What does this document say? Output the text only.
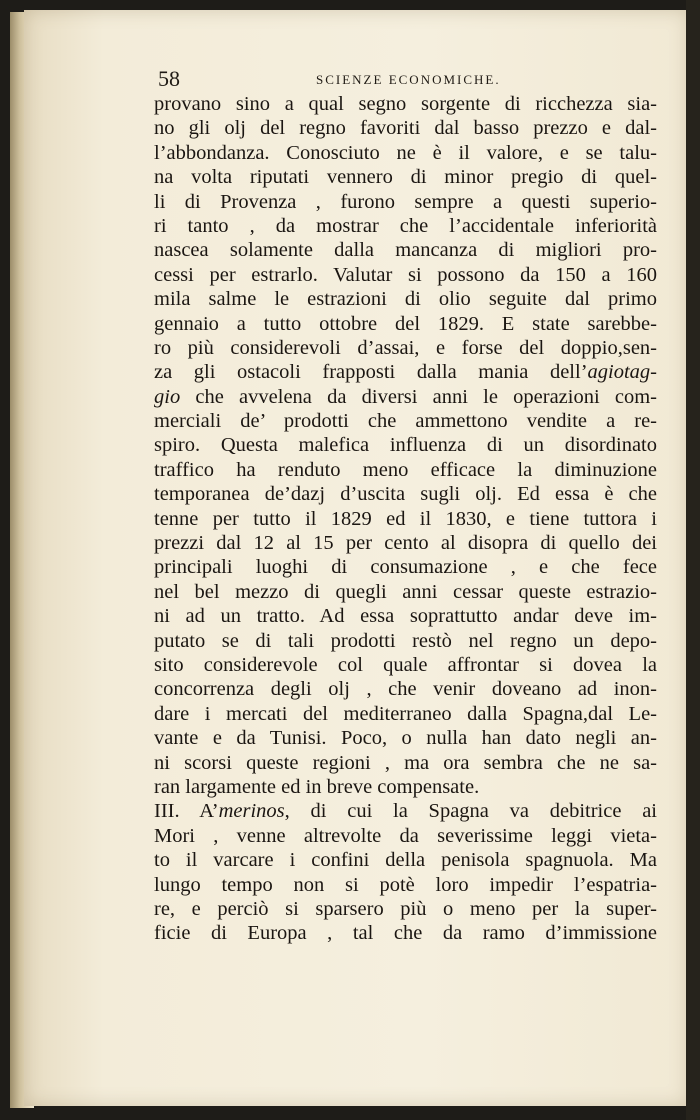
58	SCIENZE ECONOMICHE.
provano sino a qual segno sorgente di ricchezza sia-
no gli olj del regno favoriti dal basso prezzo e dal-
l’abbondanza. Conosciuto ne è il valore, e se talu-
na volta riputati vennero di minor pregio di quel-
li di Provenza , furono sempre a questi superio-
ri tanto , da mostrar che l’accidentale inferiorità
nascea solamente dalla mancanza di migliori pro-
cessi per estrarlo. Valutar si possono da 150 a 160
mila salme le estrazioni di olio seguite dal primo
gennaio a tutto ottobre del 1829. E state sarebbe-
ro più considerevoli d’assai, e forse del doppio,sen-
za gli ostacoli frapposti dalla mania dell’agiotag-
gio che avvelena da diversi anni le operazioni com-
merciali de’ prodotti che ammettono vendite a re-
spiro. Questa malefica influenza di un disordinato
traffico ha renduto meno efficace la diminuzione
temporanea de’dazj d’uscita sugli olj. Ed essa è che
tenne per tutto il 1829 ed il 1830, e tiene tuttora i
prezzi dal 12 al 15 per cento al disopra di quello dei
principali luoghi di consumazione , e che fece
nel bel mezzo di quegli anni cessar queste estrazio-
ni ad un tratto. Ad essa soprattutto andar deve im-
putato se di tali prodotti restò nel regno un depo-
sito considerevole col quale affrontar si dovea la
concorrenza degli olj , che venir doveano ad inon-
dare i mercati del mediterraneo dalla Spagna,dal Le-
vante e da Tunisi. Poco, o nulla han dato negli an-
ni scorsi queste regioni , ma ora sembra che ne sa-
ran largamente ed in breve compensate.
III. A’merinos, di cui la Spagna va debitrice ai
Mori , venne altrevolte da severissime leggi vieta-
to il varcare i confini della penisola spagnuola. Ma
lungo tempo non si potè loro impedir l’espatria-
re, e perciò si sparsero più o meno per la super-
ficie di Europa , tal che da ramo d’immissione
